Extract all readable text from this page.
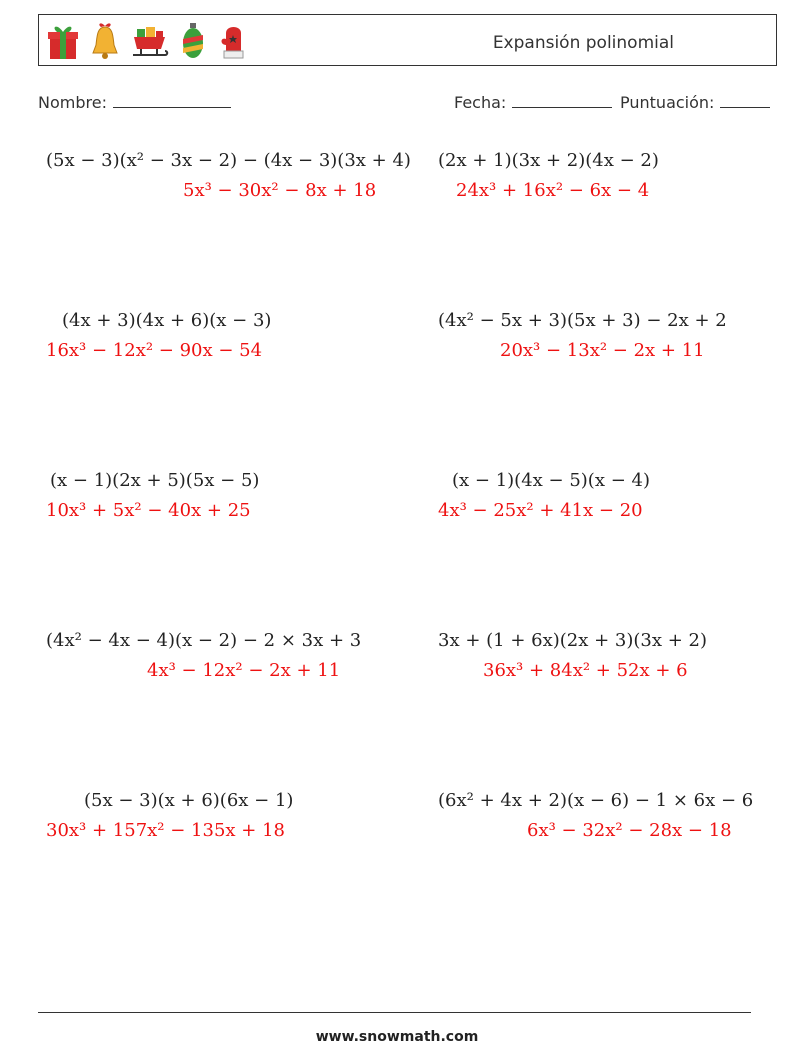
Expansión polinomial
Nombre:	Fecha:	Puntuación:
(5x − 3)(x² − 3x − 2) − (4x − 3)(3x + 4)
5x³ − 30x² − 8x + 18
(2x + 1)(3x + 2)(4x − 2)
24x³ + 16x² − 6x − 4
(4x + 3)(4x + 6)(x − 3)
16x³ − 12x² − 90x − 54
(4x² − 5x + 3)(5x + 3) − 2x + 2
20x³ − 13x² − 2x + 11
(x − 1)(2x + 5)(5x − 5)
10x³ + 5x² − 40x + 25
(x − 1)(4x − 5)(x − 4)
4x³ − 25x² + 41x − 20
(4x² − 4x − 4)(x − 2) − 2 × 3x + 3
4x³ − 12x² − 2x + 11
3x + (1 + 6x)(2x + 3)(3x + 2)
36x³ + 84x² + 52x + 6
(5x − 3)(x + 6)(6x − 1)
30x³ + 157x² − 135x + 18
(6x² + 4x + 2)(x − 6) − 1 × 6x − 6
6x³ − 32x² − 28x − 18
www.snowmath.com
